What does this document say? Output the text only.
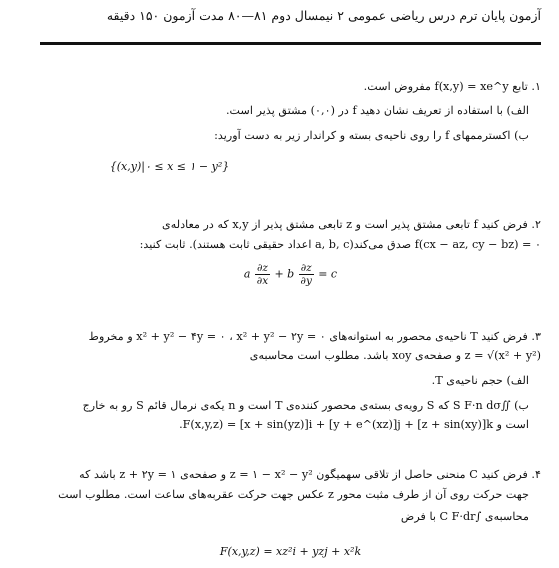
آزمون پایان ترم درس ریاضی عمومی ۲ نیمسال دوم ۸۱—۸۰ مدت آزمون ۱۵۰ دقیقه
۱. تابع f(x,y) = xe^y مفروض است.
الف) با استفاده از تعریف نشان دهید f در (۰,۰) مشتق پذیر است.
ب) اکسترممهای f را روی ناحیه‌ی بسته و کراندار زیر به دست آورید:
{(x,y)|۰ ≤ x ≤ ۱ − y²}
۲. فرض کنید f تابعی مشتق پذیر است و z تابعی مشتق پذیر از x,y که در معادله‌ی
f(cx − az, cy − bz) = ۰ صدق می‌کند(a, b, c اعداد حقیقی ثابت هستند). ثابت کنید:
a $\frac{\partial z}{\partial x} + b \frac{\partial z}{\partial y} = c$
۳. فرض کنید T ناحیه‌ی محصور به استوانه‌های x² + y² − ۴y = ۰ ، x² + y² − ۲y = ۰ و مخروط
z = √(x² + y²) و صفحه‌ی xoy باشد. مطلوب است محاسبه‌ی
الف) حجم ناحیه‌ی T.
ب) ∬S F·n dσ که S رویه‌ی بسته‌ی محصور کننده‌ی T است و n یکه‌ی نرمال قائم S رو به خارج
است و F(x,y,z) = [x + sin(yz)]i + [y + e^(xz)]j + [z + sin(xy)]k.
۴. فرض کنید C منحنی حاصل از تلاقی سهمیگون z = ۱ − x² − y² و صفحه‌ی z + ۲y = ۱ باشد که
جهت حرکت روی آن از طرف مثبت محور z عکس جهت حرکت عقربه‌های ساعت است. مطلوب است
محاسبه‌ی ∫C F·dr با فرض
F(x,y,z) = xz²i + yzj + x²k
